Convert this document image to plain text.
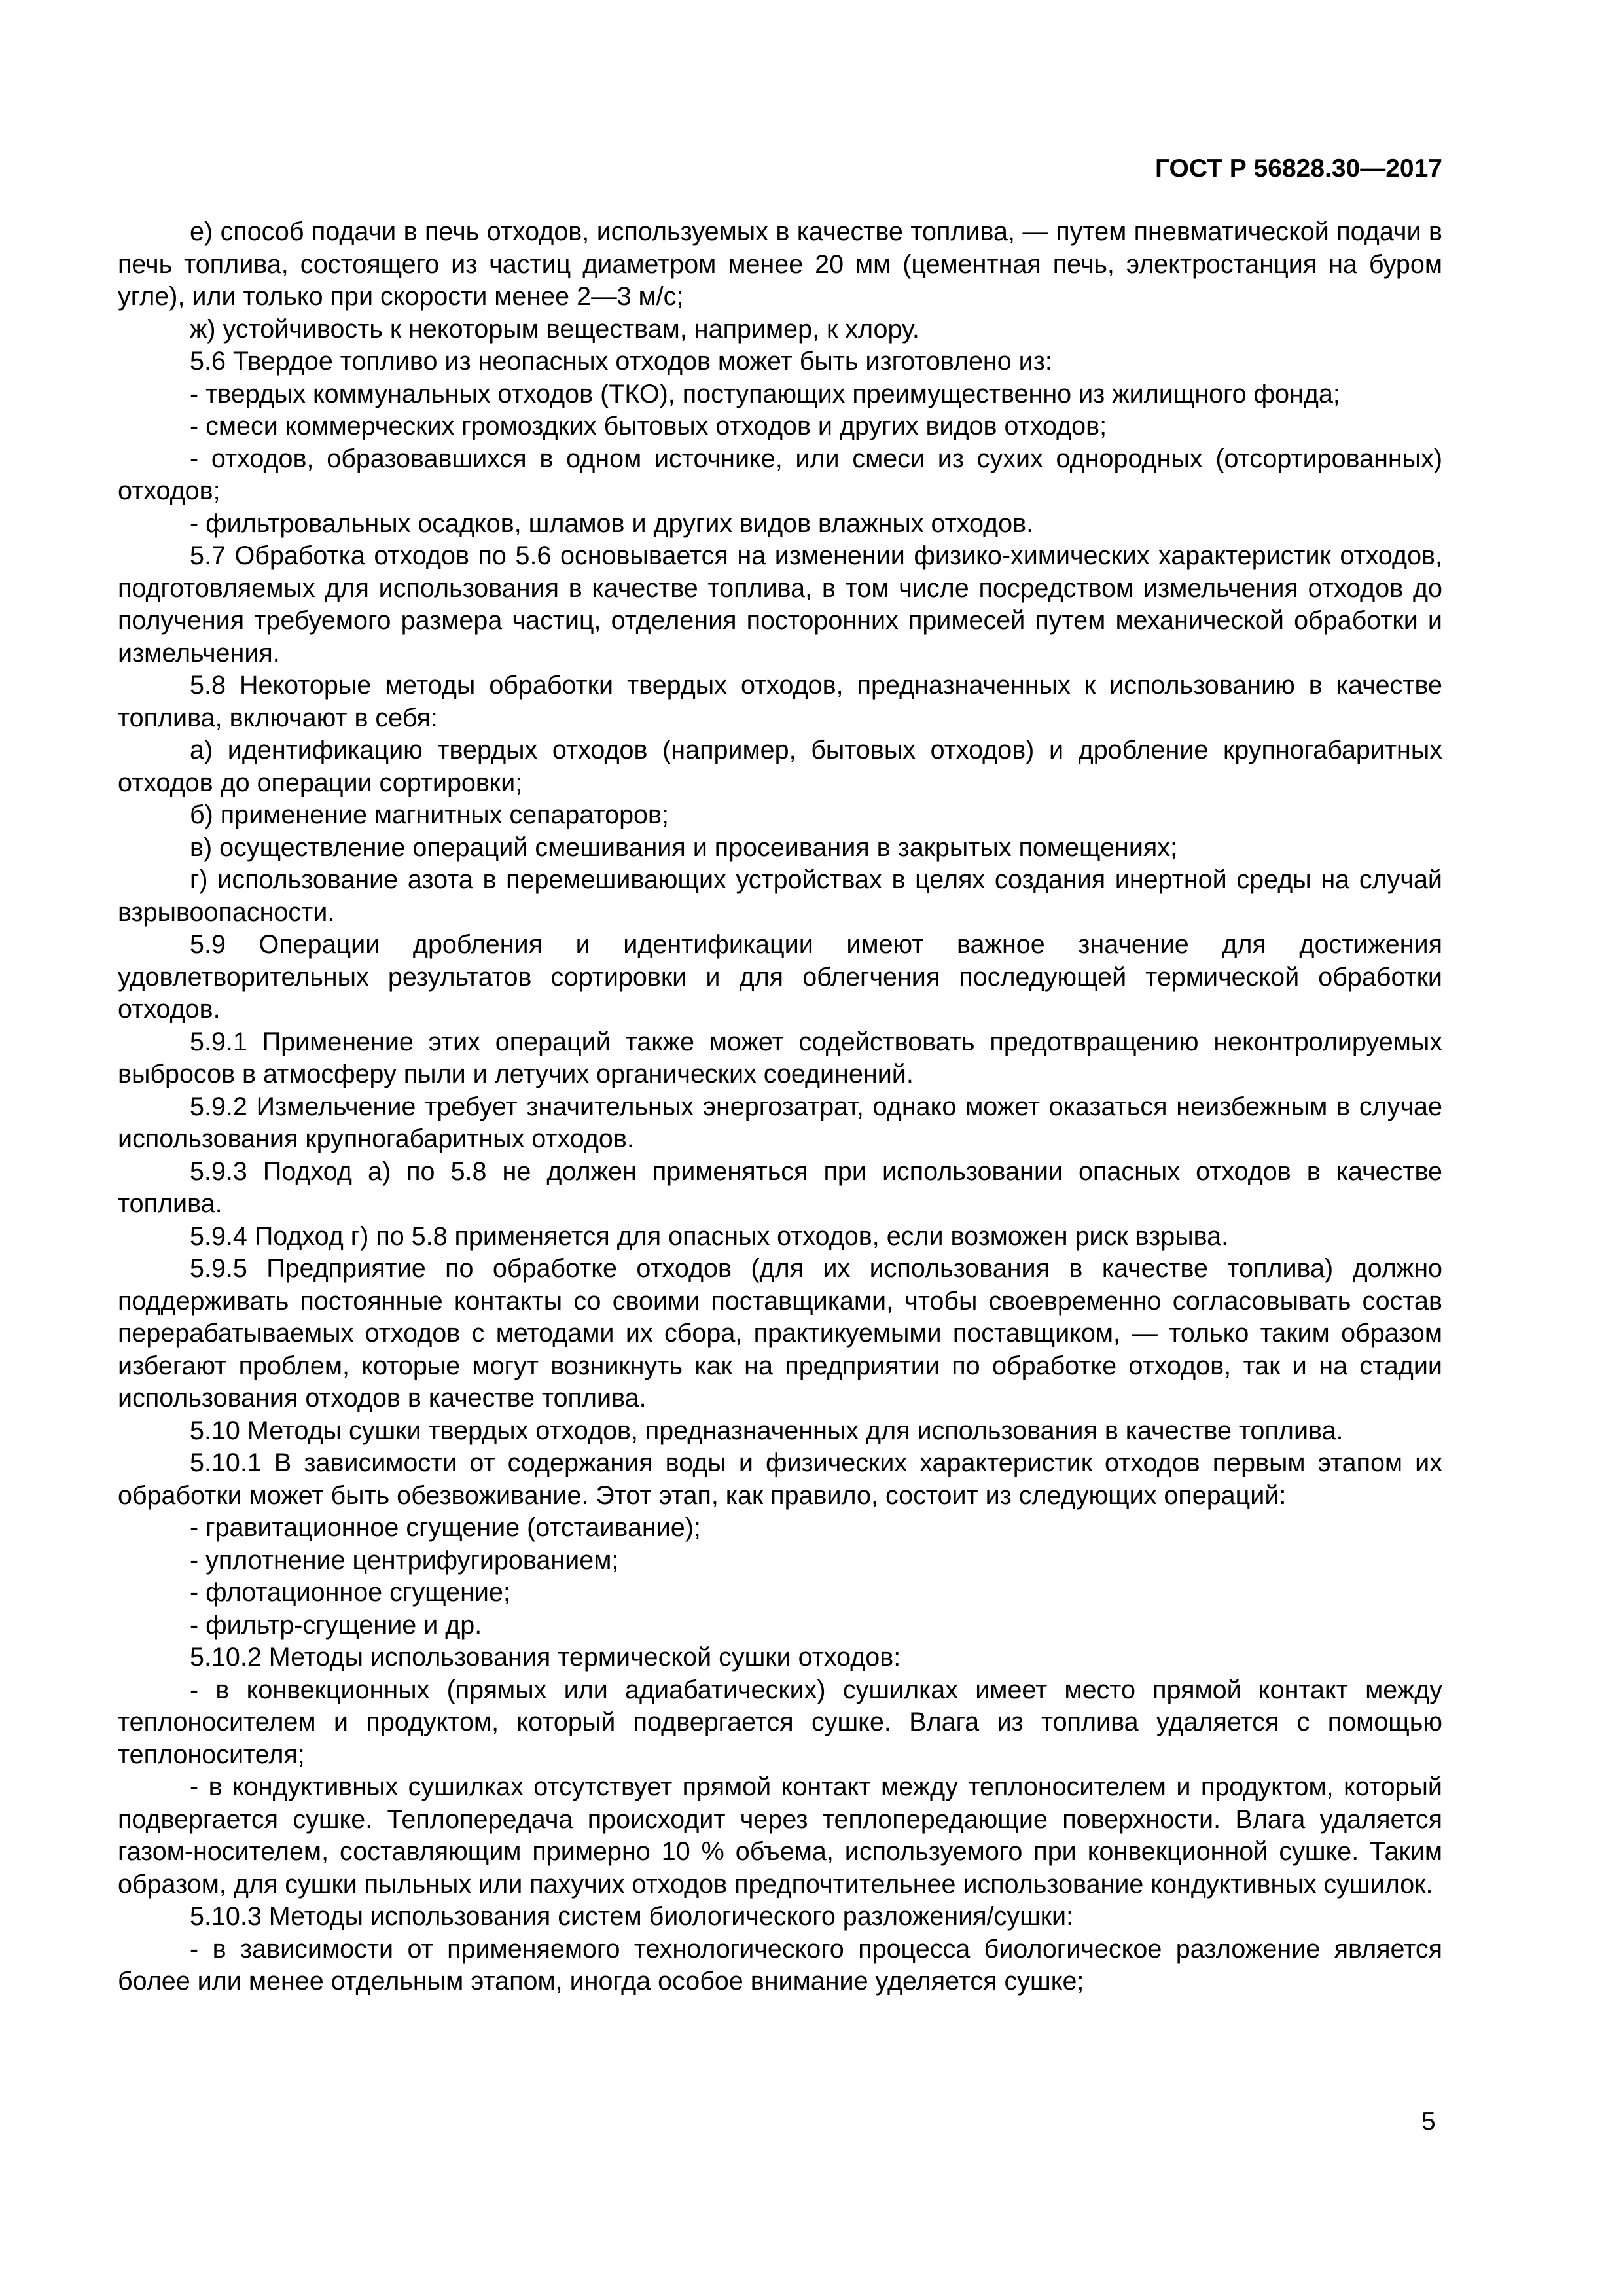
ГОСТ Р 56828.30—2017

е) способ подачи в печь отходов, используемых в качестве топлива, — путем пневматической подачи в печь топлива, состоящего из частиц диаметром менее 20 мм (цементная печь, электростанция на буром угле), или только при скорости менее 2—3 м/с;

ж) устойчивость к некоторым веществам, например, к хлору.

5.6 Твердое топливо из неопасных отходов может быть изготовлено из:

- твердых коммунальных отходов (ТКО), поступающих преимущественно из жилищного фонда;

- смеси коммерческих громоздких бытовых отходов и других видов отходов;

- отходов, образовавшихся в одном источнике, или смеси из сухих однородных (отсортированных) отходов;

- фильтровальных осадков, шламов и других видов влажных отходов.

5.7 Обработка отходов по 5.6 основывается на изменении физико-химических характеристик отходов, подготовляемых для использования в качестве топлива, в том числе посредством измельчения отходов до получения требуемого размера частиц, отделения посторонних примесей путем механической обработки и измельчения.

5.8 Некоторые методы обработки твердых отходов, предназначенных к использованию в качестве топлива, включают в себя:

а) идентификацию твердых отходов (например, бытовых отходов) и дробление крупногабаритных отходов до операции сортировки;

б) применение магнитных сепараторов;

в) осуществление операций смешивания и просеивания в закрытых помещениях;

г) использование азота в перемешивающих устройствах в целях создания инертной среды на случай взрывоопасности.

5.9 Операции дробления и идентификации имеют важное значение для достижения удовлетворительных результатов сортировки и для облегчения последующей термической обработки отходов.

5.9.1 Применение этих операций также может содействовать предотвращению неконтролируемых выбросов в атмосферу пыли и летучих органических соединений.

5.9.2 Измельчение требует значительных энергозатрат, однако может оказаться неизбежным в случае использования крупногабаритных отходов.

5.9.3 Подход а) по 5.8 не должен применяться при использовании опасных отходов в качестве топлива.

5.9.4 Подход г) по 5.8 применяется для опасных отходов, если возможен риск взрыва.

5.9.5 Предприятие по обработке отходов (для их использования в качестве топлива) должно поддерживать постоянные контакты со своими поставщиками, чтобы своевременно согласовывать состав перерабатываемых отходов с методами их сбора, практикуемыми поставщиком, — только таким образом избегают проблем, которые могут возникнуть как на предприятии по обработке отходов, так и на стадии использования отходов в качестве топлива.

5.10 Методы сушки твердых отходов, предназначенных для использования в качестве топлива.

5.10.1 В зависимости от содержания воды и физических характеристик отходов первым этапом их обработки может быть обезвоживание. Этот этап, как правило, состоит из следующих операций:

- гравитационное сгущение (отстаивание);

- уплотнение центрифугированием;

- флотационное сгущение;

- фильтр-сгущение и др.

5.10.2 Методы использования термической сушки отходов:

- в конвекционных (прямых или адиабатических) сушилках имеет место прямой контакт между теплоносителем и продуктом, который подвергается сушке. Влага из топлива удаляется с помощью теплоносителя;

- в кондуктивных сушилках отсутствует прямой контакт между теплоносителем и продуктом, который подвергается сушке. Теплопередача происходит через теплопередающие поверхности. Влага удаляется газом-носителем, составляющим примерно 10 % объема, используемого при конвекционной сушке. Таким образом, для сушки пыльных или пахучих отходов предпочтительнее использование кондуктивных сушилок.

5.10.3 Методы использования систем биологического разложения/сушки:

- в зависимости от применяемого технологического процесса биологическое разложение является более или менее отдельным этапом, иногда особое внимание уделяется сушке;

5
